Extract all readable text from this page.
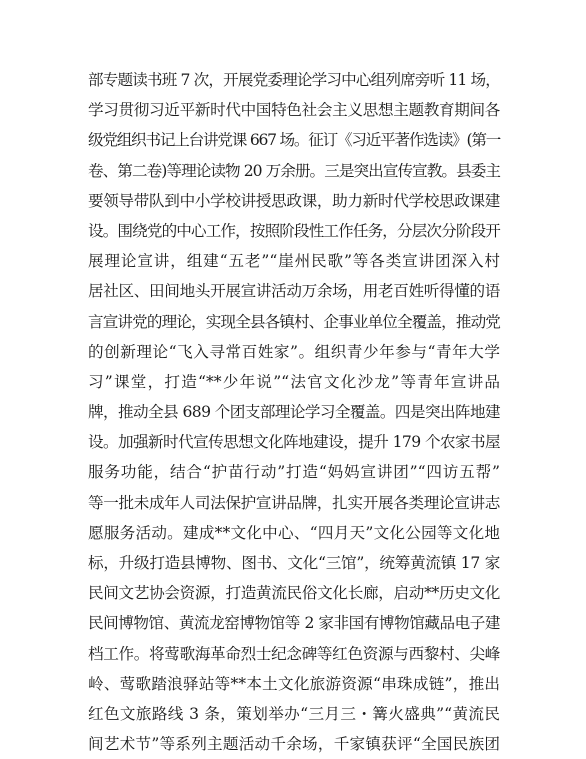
部专题读书班 7 次，开展党委理论学习中心组列席旁听 11 场，
学习贯彻习近平新时代中国特色社会主义思想主题教育期间各
级党组织书记上台讲党课 667 场。征订《习近平著作选读》(第一
卷、第二卷)等理论读物 20 万余册。三是突出宣传宣教。县委主
要领导带队到中小学校讲授思政课，助力新时代学校思政课建
设。围绕党的中心工作，按照阶段性工作任务，分层次分阶段开
展理论宣讲，组建“五老”“崖州民歌”等各类宣讲团深入村
居社区、田间地头开展宣讲活动万余场，用老百姓听得懂的语
言宣讲党的理论，实现全县各镇村、企事业单位全覆盖，推动党
的创新理论“飞入寻常百姓家”。组织青少年参与“青年大学
习”课堂，打造“**少年说”“法官文化沙龙”等青年宣讲品
牌，推动全县 689 个团支部理论学习全覆盖。四是突出阵地建
设。加强新时代宣传思想文化阵地建设，提升 179 个农家书屋
服务功能，结合“护苗行动”打造“妈妈宣讲团”“四访五帮”
等一批未成年人司法保护宣讲品牌，扎实开展各类理论宣讲志
愿服务活动。建成**文化中心、“四月天”文化公园等文化地
标，升级打造县博物、图书、文化“三馆”，统筹黄流镇 17 家
民间文艺协会资源，打造黄流民俗文化长廊，启动**历史文化
民间博物馆、黄流龙窑博物馆等 2 家非国有博物馆藏品电子建
档工作。将莺歌海革命烈士纪念碑等红色资源与西黎村、尖峰
岭、莺歌踏浪驿站等**本土文化旅游资源“串珠成链”，推出
红色文旅路线 3 条，策划举办“三月三・篝火盛典”“黄流民
间艺术节”等系列主题活动千余场，千家镇获评“全国民族团
